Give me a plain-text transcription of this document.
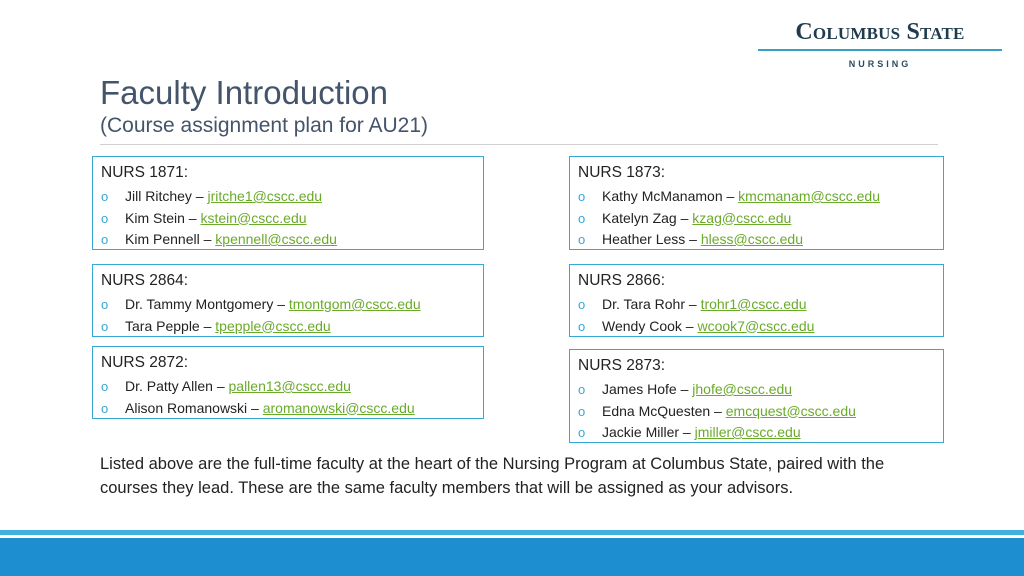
Columbus State
NURSING
Faculty Introduction
(Course assignment plan for AU21)
NURS 1871:
o Jill Ritchey – jritche1@cscc.edu
o Kim Stein – kstein@cscc.edu
o Kim Pennell – kpennell@cscc.edu
NURS 1873:
o Kathy McManamon – kmcmanam@cscc.edu
o Katelyn Zag – kzag@cscc.edu
o Heather Less – hless@cscc.edu
NURS 2864:
o Dr. Tammy Montgomery – tmontgom@cscc.edu
o Tara Pepple – tpepple@cscc.edu
NURS 2866:
o Dr. Tara Rohr – trohr1@cscc.edu
o Wendy Cook – wcook7@cscc.edu
NURS 2872:
o Dr. Patty Allen – pallen13@cscc.edu
o Alison Romanowski – aromanowski@cscc.edu
NURS 2873:
o James Hofe – jhofe@cscc.edu
o Edna McQuesten – emcquest@cscc.edu
o Jackie Miller – jmiller@cscc.edu
Listed above are the full-time faculty at the heart of the Nursing Program at Columbus State, paired with the courses they lead. These are the same faculty members that will be assigned as your advisors.
